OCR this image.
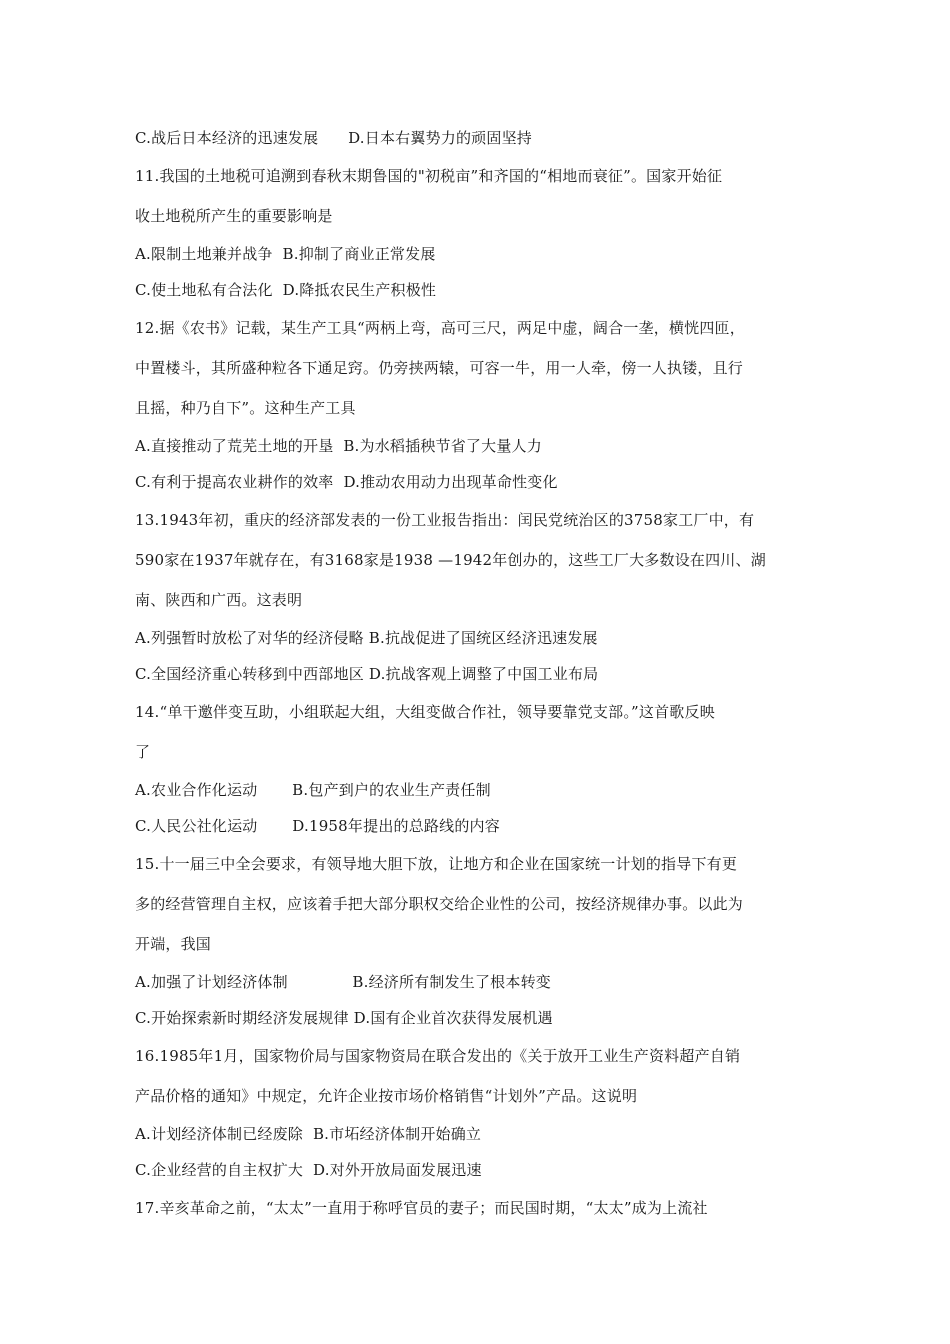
C.战后日本经济的迅速发展      D.日本右翼势力的顽固坚持
11.我国的土地税可追溯到春秋末期鲁国的"初税亩”和齐国的“相地而衰征”。国家开始征
收土地税所产生的重要影响是
A.限制土地兼并战争  B.抑制了商业正常发展
C.使土地私有合法化  D.降抵农民生产积极性
12.据《农书》记载，某生产工具“两柄上弯，高可三尺，两足中虚，阔合一垄，横恍四匝，
中置楼斗，其所盛种粒各下通足窍。仍旁挟两辕，可容一牛，用一人牵，傍一人执镂，且行
且摇，种乃自下”。这种生产工具
A.直接推动了荒芜土地的开垦  B.为水稻插秧节省了大量人力
C.有利于提高农业耕作的效率  D.推动农用动力出现革命性变化
13.1943年初，重庆的经济部发表的一份工业报告指出：闰民党统治区的3758家工厂中，有
590家在1937年就存在，有3168家是1938 —1942年创办的，这些工厂大多数设在四川、湖
南、陕西和广西。这表明
A.列强暂时放松了对华的经济侵略 B.抗战促进了国统区经济迅速发展
C.全国经济重心转移到中西部地区 D.抗战客观上调整了中国工业布局
14.“单干邀伴变互助，小组联起大组，大组变做合作社，领导要靠党支部。”这首歌反映
了
A.农业合作化运动       B.包产到户的农业生产责任制
C.人民公社化运动       D.1958年提出的总路线的内容
15.十一届三中全会要求，有领导地大胆下放，让地方和企业在国家统一计划的指导下有更
多的经营管理自主权，应该着手把大部分职权交给企业性的公司，按经济规律办事。以此为
开端，我国
A.加强了计划经济体制             B.经济所有制发生了根本转变
C.开始探索新时期经济发展规律 D.国有企业首次获得发展机遇
16.1985年1月，国家物价局与国家物资局在联合发出的《关于放开工业生产资料超产自销
产品价格的通知》中规定，允许企业按市场价格销售“计划外”产品。这说明
A.计划经济体制已经废除  B.市坧经济体制开始确立
C.企业经营的自主权扩大  D.对外开放局面发展迅速
17.辛亥革命之前，“太太”一直用于称呼官员的妻子；而民国时期，“太太”成为上流社
